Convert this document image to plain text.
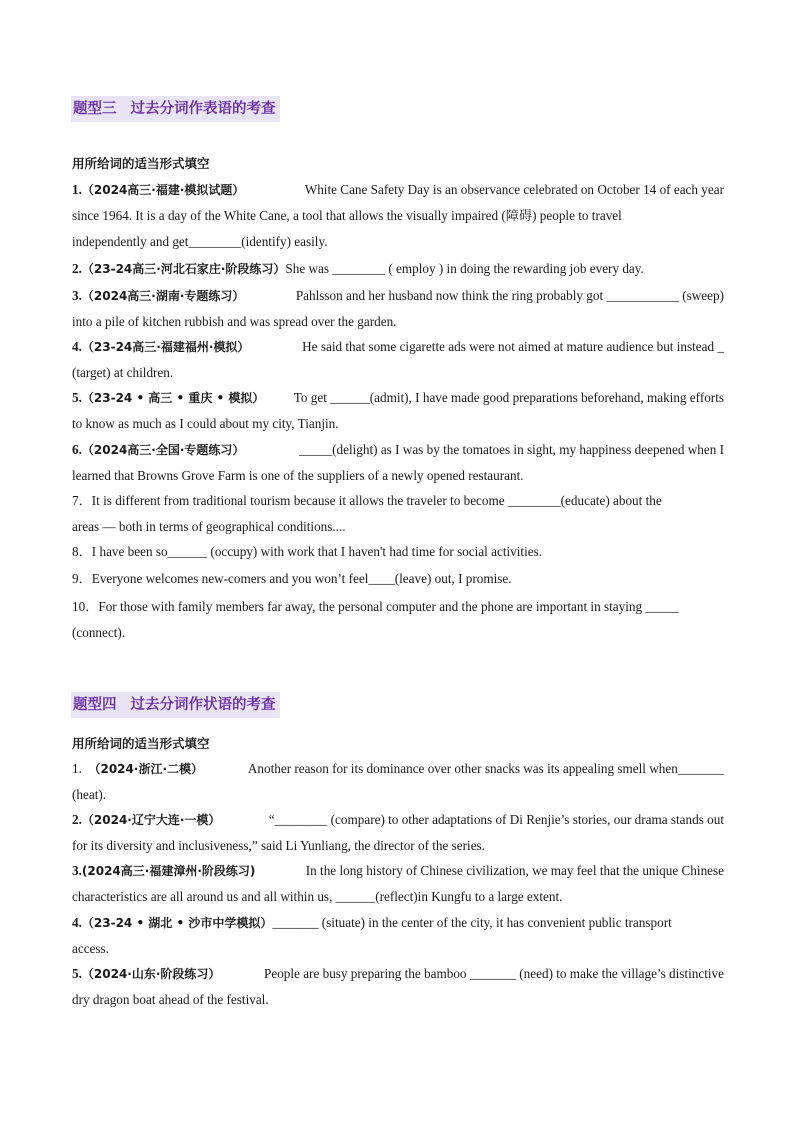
题型三 过去分词作表语的考查
用所给词的适当形式填空
1.（2024高三·福建·模拟试题）	White Cane Safety Day is an observance celebrated on October 14 of each year
since 1964. It is a day of the White Cane, a tool that allows the visually impaired (障碍) people to travel
independently and get________(identify) easily.
2.（23-24高三·河北石家庄·阶段练习）She was ________ ( employ ) in doing the rewarding job every day.
3.（2024高三·湖南·专题练习）	Pahlsson and her husband now think the ring probably got ___________ (sweep)
into a pile of kitchen rubbish and was spread over the garden.
4.（23-24高三·福建福州·模拟）	He said that some cigarette ads were not aimed at mature audience but instead _
(target) at children.
5.（23-24 • 高三 • 重庆 • 模拟） To get ______(admit), I have made good preparations beforehand, making efforts
to know as much as I could about my city, Tianjin.
6.（2024高三·全国·专题练习）	_____(delight) as I was by the tomatoes in sight, my happiness deepened when I
learned that Browns Grove Farm is one of the suppliers of a newly opened restaurant.
7．It is different from traditional tourism because it allows the traveler to become ________(educate) about the
areas — both in terms of geographical conditions....
8．I have been so______ (occupy) with work that I haven't had time for social activities.
9．Everyone welcomes new-comers and you won’t feel____(leave) out, I promise.
10．For those with family members far away, the personal computer and the phone are important in staying _____
(connect).
题型四 过去分词作状语的考查
用所给词的适当形式填空
1. （2024·浙江·二模）	Another reason for its dominance over other snacks was its appealing smell when_______
(heat).
2.（2024·辽宁大连·一模）	“________ (compare) to other adaptations of Di Renjie’s stories, our drama stands out
for its diversity and inclusiveness,” said Li Yunliang, the director of the series.
3.(2024高三·福建漳州·阶段练习)	In the long history of Chinese civilization, we may feel that the unique Chinese
characteristics are all around us and all within us, ______(reflect)in Kungfu to a large extent.
4.（23-24 • 湖北 • 沙市中学模拟）_______ (situate) in the center of the city, it has convenient public transport
access.
5.（2024·山东·阶段练习）	People are busy preparing the bamboo _______ (need) to make the village’s distinctive
dry dragon boat ahead of the festival.
